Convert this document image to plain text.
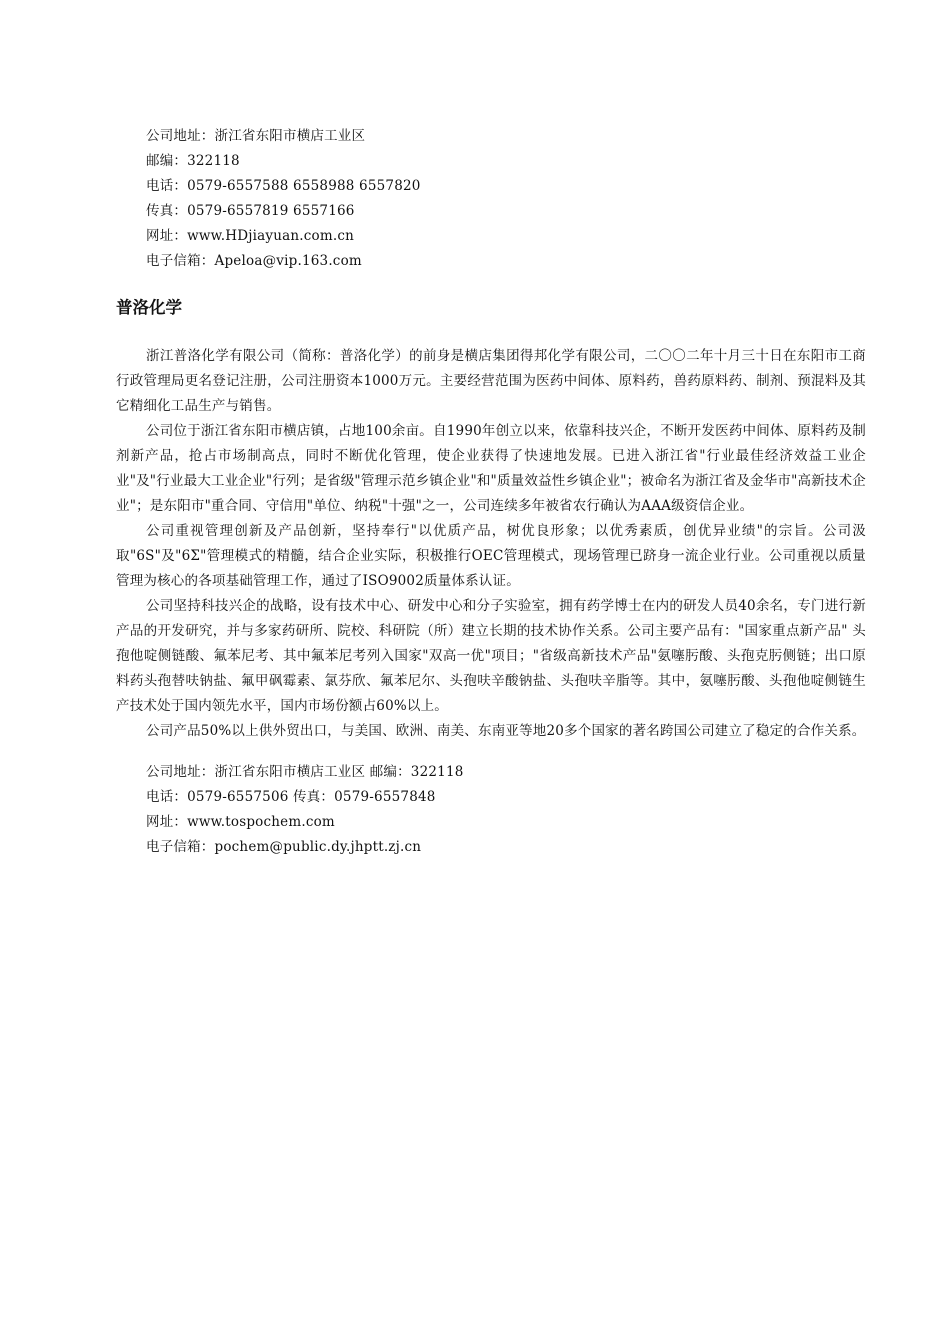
公司地址：浙江省东阳市横店工业区
邮编：322118
电话：0579-6557588 6558988 6557820
传真：0579-6557819 6557166
网址：www.HDjiayuan.com.cn
电子信箱：Apeloa@vip.163.com
普洛化学

浙江普洛化学有限公司（简称：普洛化学）的前身是横店集团得邦化学有限公司，二〇〇二年十月三十日在东阳市工商行政管理局更名登记注册，公司注册资本1000万元。主要经营范围为医药中间体、原料药，兽药原料药、制剂、预混料及其它精细化工品生产与销售。

公司位于浙江省东阳市横店镇，占地100余亩。自1990年创立以来，依靠科技兴企，不断开发医药中间体、原料药及制剂新产品，抢占市场制高点，同时不断优化管理，使企业获得了快速地发展。已进入浙江省"行业最佳经济效益工业企业"及"行业最大工业企业"行列；是省级"管理示范乡镇企业"和"质量效益性乡镇企业"；被命名为浙江省及金华市"高新技术企业"；是东阳市"重合同、守信用"单位、纳税"十强"之一，公司连续多年被省农行确认为AAA级资信企业。

公司重视管理创新及产品创新，坚持奉行"以优质产品，树优良形象；以优秀素质，创优异业绩"的宗旨。公司汲取"6S"及"6Σ"管理模式的精髓，结合企业实际，积极推行OEC管理模式，现场管理已跻身一流企业行业。公司重视以质量管理为核心的各项基础管理工作，通过了ISO9002质量体系认证。

公司坚持科技兴企的战略，设有技术中心、研发中心和分子实验室，拥有药学博士在内的研发人员40余名，专门进行新产品的开发研究，并与多家药研所、院校、科研院（所）建立长期的技术协作关系。公司主要产品有："国家重点新产品" 头孢他啶侧链酸、氟苯尼考、其中氟苯尼考列入国家"双高一优"项目；"省级高新技术产品"氨噻肟酸、头孢克肟侧链；出口原料药头孢替呋钠盐、氟甲砜霉素、氯芬欣、氟苯尼尔、头孢呋辛酸钠盐、头孢呋辛脂等。其中，氨噻肟酸、头孢他啶侧链生产技术处于国内领先水平，国内市场份额占60%以上。

公司产品50%以上供外贸出口，与美国、欧洲、南美、东南亚等地20多个国家的著名跨国公司建立了稳定的合作关系。

公司地址：浙江省东阳市横店工业区 邮编：322118
电话：0579-6557506 传真：0579-6557848
网址：www.tospochem.com
电子信箱：pochem@public.dy.jhptt.zj.cn
